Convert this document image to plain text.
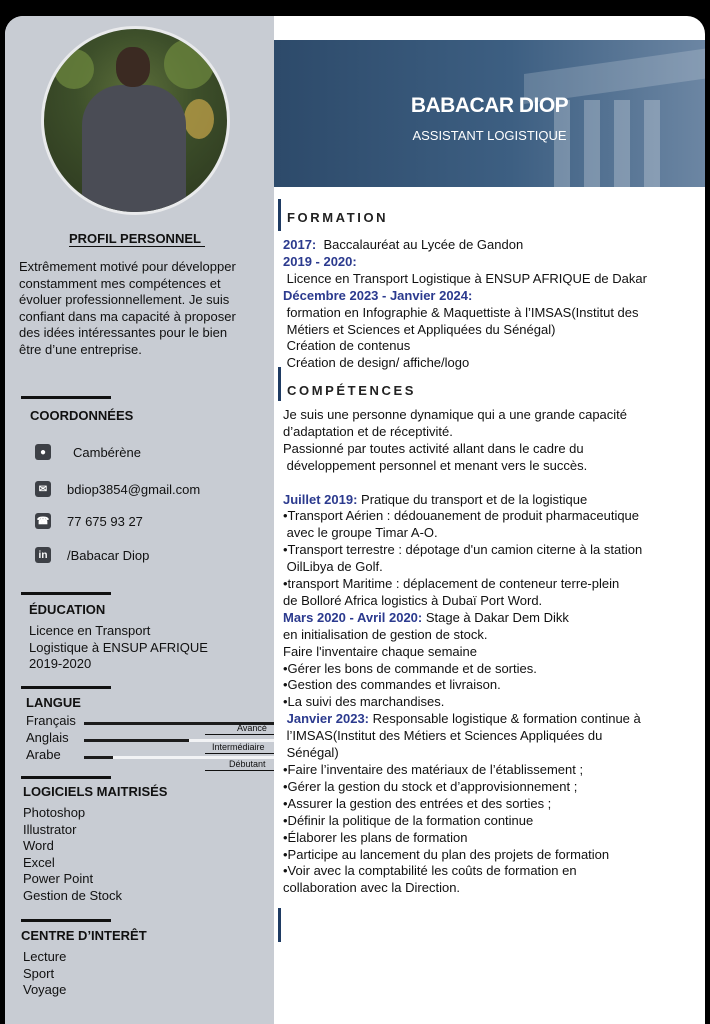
PROFIL PERSONNEL
Extrêmement motivé pour développer
constamment mes compétences et
évoluer professionnellement. Je suis
confiant dans ma capacité à proposer
des idées intéressantes pour le bien
être d’une entreprise.
COORDONNÉES
●	Cambérène
✉ bdiop3854@gmail.com
☎ 77 675 93 27
in /Babacar Diop
ÉDUCATION
Licence en Transport
Logistique à ENSUP AFRIQUE
2019-2020
LANGUE
Français
Anglais
Arabe
LOGICIELS MAITRISÉS
Photoshop
Illustrator
Word
Excel
Power Point
Gestion de Stock
CENTRE D’INTERÊT
Lecture
Sport
Voyage
Avancé
Intermédiaire
Débutant
BABACAR DIOP
ASSISTANT LOGISTIQUE
FORMATION
2017:  Baccalauréat au Lycée de Gandon
2019 - 2020:
Licence en Transport Logistique à ENSUP AFRIQUE de Dakar
Décembre 2023 - Janvier 2024:
formation en Infographie & Maquettiste à l’IMSAS(Institut des
Métiers et Sciences et Appliquées du Sénégal)
Création de contenus
Création de design/ affiche/logo
COMPÉTENCES
Je suis une personne dynamique qui a une grande capacité
d’adaptation et de réceptivité.
Passionné par toutes activité allant dans le cadre du
développement personnel et menant vers le succès.
Juillet 2019: Pratique du transport et de la logistique
•Transport Aérien : dédouanement de produit pharmaceutique
avec le groupe Timar A-O.
•Transport terrestre : dépotage d'un camion citerne à la station
OilLibya de Golf.
•transport Maritime : déplacement de conteneur terre-plein
de Bolloré Africa logistics à Dubaï Port Word.
Mars 2020 - Avril 2020: Stage à Dakar Dem Dikk
en initialisation de gestion de stock.
Faire l'inventaire chaque semaine
•Gérer les bons de commande et de sorties.
•Gestion des commandes et livraison.
•La suivi des marchandises.
Janvier 2023: Responsable logistique & formation continue à
l’IMSAS(Institut des Métiers et Sciences Appliquées du
Sénégal)
•Faire l’inventaire des matériaux de l’établissement ;
•Gérer la gestion du stock et d’approvisionnement ;
•Assurer la gestion des entrées et des sorties ;
•Définir la politique de la formation continue
•Élaborer les plans de formation
•Participe au lancement du plan des projets de formation
•Voir avec la comptabilité les coûts de formation en
collaboration avec la Direction.
